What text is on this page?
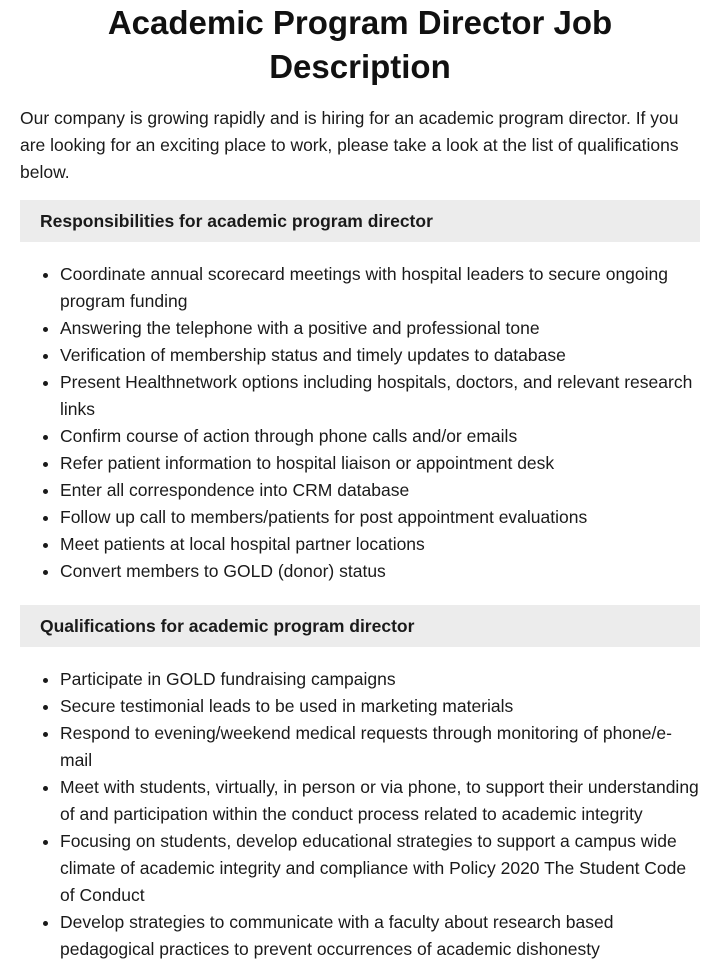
Academic Program Director Job Description

Our company is growing rapidly and is hiring for an academic program director. If you are looking for an exciting place to work, please take a look at the list of qualifications below.

Responsibilities for academic program director
• Coordinate annual scorecard meetings with hospital leaders to secure ongoing program funding
• Answering the telephone with a positive and professional tone
• Verification of membership status and timely updates to database
• Present Healthnetwork options including hospitals, doctors, and relevant research links
• Confirm course of action through phone calls and/or emails
• Refer patient information to hospital liaison or appointment desk
• Enter all correspondence into CRM database
• Follow up call to members/patients for post appointment evaluations
• Meet patients at local hospital partner locations
• Convert members to GOLD (donor) status
Qualifications for academic program director
• Participate in GOLD fundraising campaigns
• Secure testimonial leads to be used in marketing materials
• Respond to evening/weekend medical requests through monitoring of phone/e-mail
• Meet with students, virtually, in person or via phone, to support their understanding of and participation within the conduct process related to academic integrity
• Focusing on students, develop educational strategies to support a campus wide climate of academic integrity and compliance with Policy 2020 The Student Code of Conduct
• Develop strategies to communicate with a faculty about research based pedagogical practices to prevent occurrences of academic dishonesty
